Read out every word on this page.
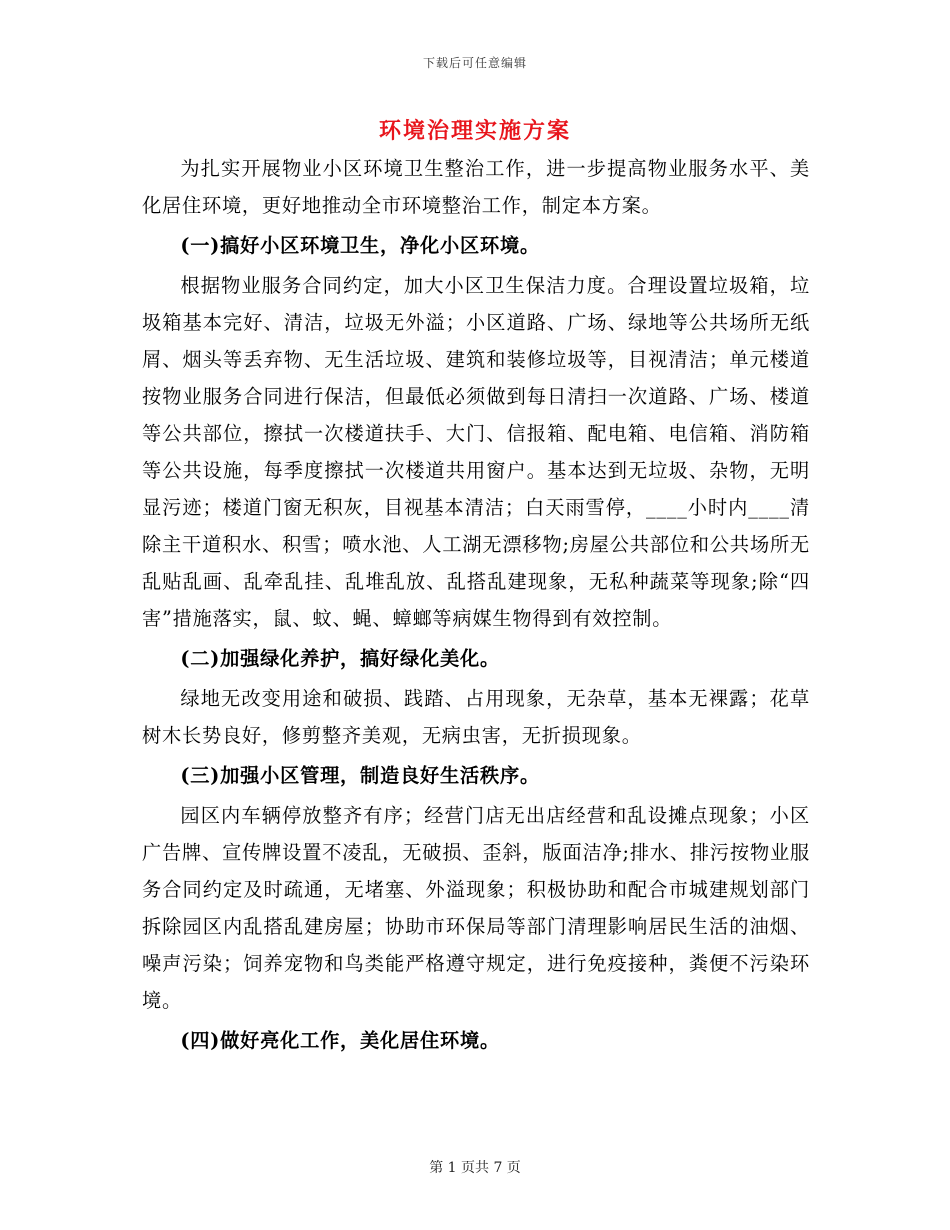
下载后可任意编辑
环境治理实施方案

为扎实开展物业小区环境卫生整治工作，进一步提高物业服务水平、美化居住环境，更好地推动全市环境整治工作，制定本方案。

(一)搞好小区环境卫生，净化小区环境。

根据物业服务合同约定，加大小区卫生保洁力度。合理设置垃圾箱，垃圾箱基本完好、清洁，垃圾无外溢；小区道路、广场、绿地等公共场所无纸屑、烟头等丢弃物、无生活垃圾、建筑和装修垃圾等，目视清洁；单元楼道按物业服务合同进行保洁，但最低必须做到每日清扫一次道路、广场、楼道等公共部位，擦拭一次楼道扶手、大门、信报箱、配电箱、电信箱、消防箱等公共设施，每季度擦拭一次楼道共用窗户。基本达到无垃圾、杂物，无明显污迹；楼道门窗无积灰，目视基本清洁；白天雨雪停，____小时内____清除主干道积水、积雪；喷水池、人工湖无漂移物;房屋公共部位和公共场所无乱贴乱画、乱牵乱挂、乱堆乱放、乱搭乱建现象，无私种蔬菜等现象;除“四害”措施落实，鼠、蚊、蝇、蟑螂等病媒生物得到有效控制。

(二)加强绿化养护，搞好绿化美化。

绿地无改变用途和破损、践踏、占用现象，无杂草，基本无裸露；花草树木长势良好，修剪整齐美观，无病虫害，无折损现象。

(三)加强小区管理，制造良好生活秩序。

园区内车辆停放整齐有序；经营门店无出店经营和乱设摊点现象；小区广告牌、宣传牌设置不凌乱，无破损、歪斜，版面洁净;排水、排污按物业服务合同约定及时疏通，无堵塞、外溢现象；积极协助和配合市城建规划部门拆除园区内乱搭乱建房屋；协助市环保局等部门清理影响居民生活的油烟、噪声污染；饲养宠物和鸟类能严格遵守规定，进行免疫接种，粪便不污染环境。

(四)做好亮化工作，美化居住环境。

第 1 页共 7 页
